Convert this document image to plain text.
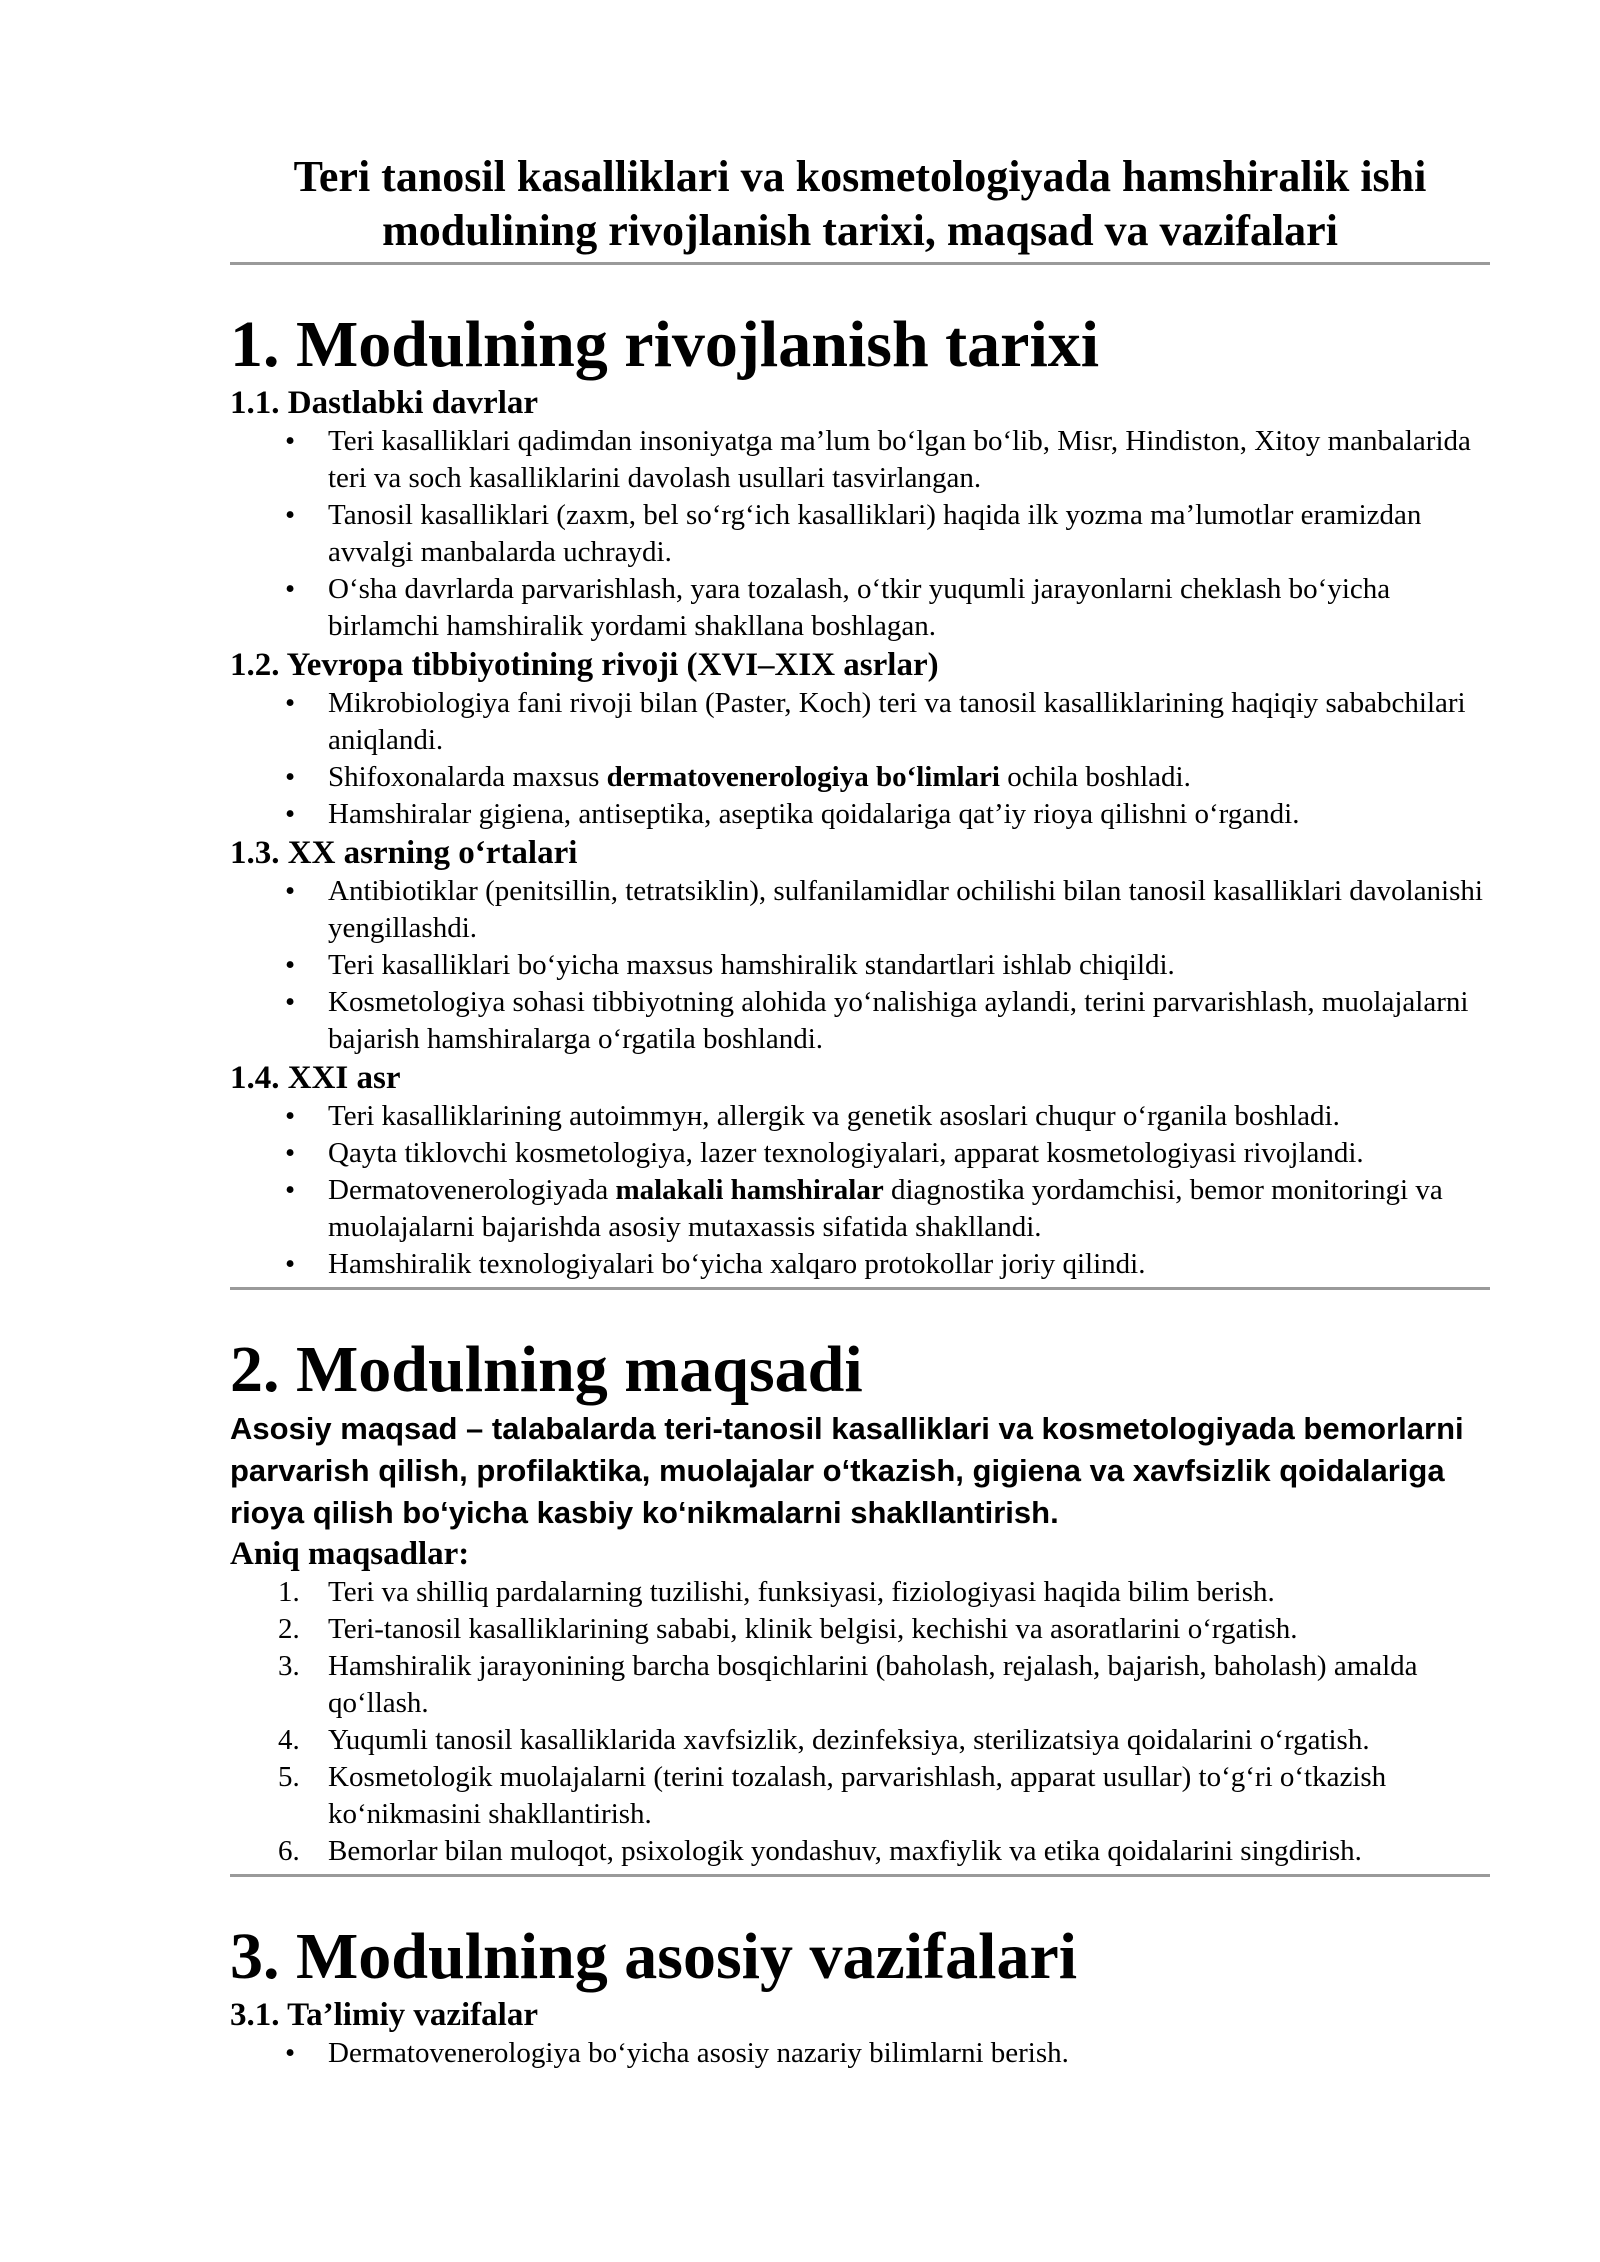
Teri tanosil kasalliklari va kosmetologiyada hamshiralik ishi modulining rivojlanish tarixi, maqsad va vazifalari

1. Modulning rivojlanish tarixi
1.1. Dastlabki davrlar
• Teri kasalliklari qadimdan insoniyatga ma’lum bo‘lgan bo‘lib, Misr, Hindiston, Xitoy manbalarida teri va soch kasalliklarini davolash usullari tasvirlangan.
• Tanosil kasalliklari (zaxm, bel so‘rg‘ich kasalliklari) haqida ilk yozma ma’lumotlar eramizdan avvalgi manbalarda uchraydi.
• O‘sha davrlarda parvarishlash, yara tozalash, o‘tkir yuqumli jarayonlarni cheklash bo‘yicha birlamchi hamshiralik yordami shakllana boshlagan.
1.2. Yevropa tibbiyotining rivoji (XVI–XIX asrlar)
• Mikrobiologiya fani rivoji bilan (Paster, Koch) teri va tanosil kasalliklarining haqiqiy sababchilari aniqlandi.
• Shifoxonalarda maxsus dermatovenerologiya bo‘limlari ochila boshladi.
• Hamshiralar gigiena, antiseptika, aseptika qoidalariga qat’iy rioya qilishni o‘rgandi.
1.3. XX asrning o‘rtalari
• Antibiotiklar (penitsillin, tetratsiklin), sulfanilamidlar ochilishi bilan tanosil kasalliklari davolanishi yengillashdi.
• Teri kasalliklari bo‘yicha maxsus hamshiralik standartlari ishlab chiqildi.
• Kosmetologiya sohasi tibbiyotning alohida yo‘nalishiga aylandi, terini parvarishlash, muolajalarni bajarish hamshiralarga o‘rgatila boshlandi.
1.4. XXI asr
• Teri kasalliklarining autoimmун, allergik va genetik asoslari chuqur o‘rganila boshladi.
• Qayta tiklovchi kosmetologiya, lazer texnologiyalari, apparat kosmetologiyasi rivojlandi.
• Dermatovenerologiyada malakali hamshiralar diagnostika yordamchisi, bemor monitoringi va muolajalarni bajarishda asosiy mutaxassis sifatida shakllandi.
• Hamshiralik texnologiyalari bo‘yicha xalqaro protokollar joriy qilindi.
2. Modulning maqsadi

Asosiy maqsad – talabalarda teri-tanosil kasalliklari va kosmetologiyada bemorlarni parvarish qilish, profilaktika, muolajalar o‘tkazish, gigiena va xavfsizlik qoidalariga rioya qilish bo‘yicha kasbiy ko‘nikmalarni shakllantirish.

Aniq maqsadlar:

1. Teri va shilliq pardalarning tuzilishi, funksiyasi, fiziologiyasi haqida bilim berish.
2. Teri-tanosil kasalliklarining sababi, klinik belgisi, kechishi va asoratlarini o‘rgatish.
3. Hamshiralik jarayonining barcha bosqichlarini (baholash, rejalash, bajarish, baholash) amalda qo‘llash.
4. Yuqumli tanosil kasalliklarida xavfsizlik, dezinfeksiya, sterilizatsiya qoidalarini o‘rgatish.
5. Kosmetologik muolajalarni (terini tozalash, parvarishlash, apparat usullar) to‘g‘ri o‘tkazish ko‘nikmasini shakllantirish.
6. Bemorlar bilan muloqot, psixologik yondashuv, maxfiylik va etika qoidalarini singdirish.
3. Modulning asosiy vazifalari
3.1. Ta’limiy vazifalar
• Dermatovenerologiya bo‘yicha asosiy nazariy bilimlarni berish.
